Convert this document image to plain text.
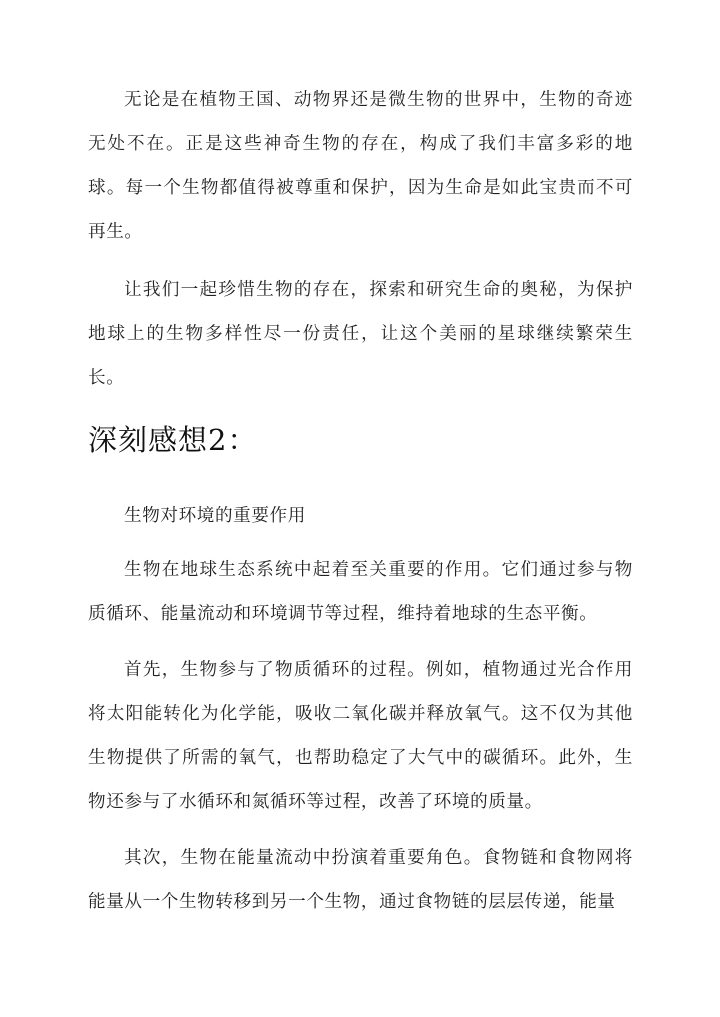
无论是在植物王国、动物界还是微生物的世界中，生物的奇迹无处不在。正是这些神奇生物的存在，构成了我们丰富多彩的地球。每一个生物都值得被尊重和保护，因为生命是如此宝贵而不可再生。

让我们一起珍惜生物的存在，探索和研究生命的奥秘，为保护地球上的生物多样性尽一份责任，让这个美丽的星球继续繁荣生长。

深刻感想2：

生物对环境的重要作用

生物在地球生态系统中起着至关重要的作用。它们通过参与物质循环、能量流动和环境调节等过程，维持着地球的生态平衡。

首先，生物参与了物质循环的过程。例如，植物通过光合作用将太阳能转化为化学能，吸收二氧化碳并释放氧气。这不仅为其他生物提供了所需的氧气，也帮助稳定了大气中的碳循环。此外，生物还参与了水循环和氮循环等过程，改善了环境的质量。

其次，生物在能量流动中扮演着重要角色。食物链和食物网将能量从一个生物转移到另一个生物，通过食物链的层层传递，能量
